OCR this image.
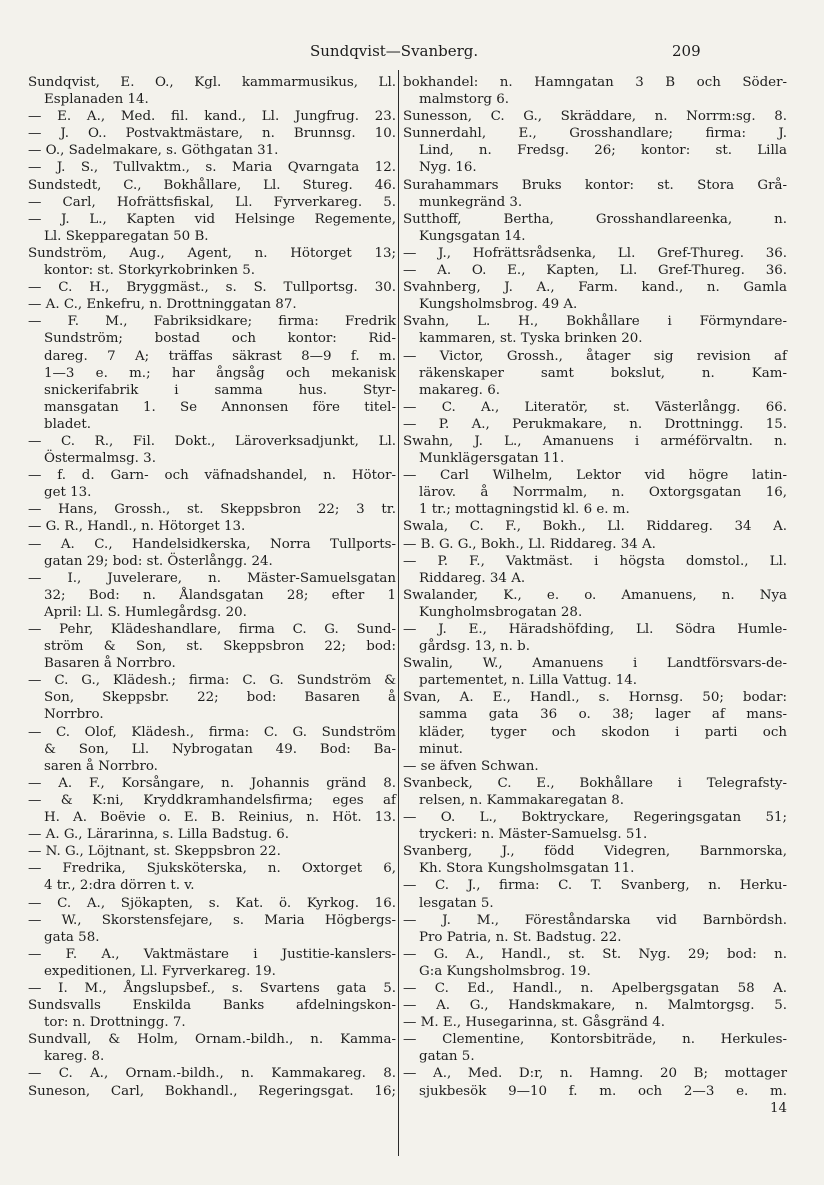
Sundqvist—Svanberg.	209
Sundqvist, E. O., Kgl. kammarmusikus, Ll.
Esplanaden 14.
— E. A., Med. fil. kand., Ll. Jungfrug. 23.
— J. O.. Postvaktmästare, n. Brunnsg. 10.
— O., Sadelmakare, s. Göthgatan 31.
— J. S., Tullvaktm., s. Maria Qvarngata 12.
Sundstedt, C., Bokhållare, Ll. Stureg. 46.
— Carl, Hofrättsfiskal, Ll. Fyrverkareg. 5.
— J. L., Kapten vid Helsinge Regemente,
Ll. Skepparegatan 50 B.
Sundström, Aug., Agent, n. Hötorget 13;
kontor: st. Storkyrkobrinken 5.
— C. H., Bryggmäst., s. S. Tullportsg. 30.
— A. C., Enkefru, n. Drottninggatan 87.
— F. M., Fabriksidkare; firma: Fredrik
Sundström; bostad och kontor: Rid-
dareg. 7 A; träffas säkrast 8—9 f. m.
1—3 e. m.; har ångsåg och mekanisk
snickerifabrik i samma hus. Styr-
mansgatan 1. Se Annonsen före titel-
bladet.
— C. R., Fil. Dokt., Läroverksadjunkt, Ll.
Östermalmsg. 3.
— f. d. Garn- och väfnadshandel, n. Hötor-
get 13.
— Hans, Grossh., st. Skeppsbron 22; 3 tr.
— G. R., Handl., n. Hötorget 13.
— A. C., Handelsidkerska, Norra Tullports-
gatan 29; bod: st. Österlångg. 24.
— I., Juvelerare, n. Mäster-Samuelsgatan
32; Bod: n. Ålandsgatan 28; efter 1
April: Ll. S. Humlegårdsg. 20.
— Pehr, Klädeshandlare, firma C. G. Sund-
ström & Son, st. Skeppsbron 22; bod:
Basaren å Norrbro.
— C. G., Klädesh.; firma: C. G. Sundström &
Son, Skeppsbr. 22; bod: Basaren å
Norrbro.
— C. Olof, Klädesh., firma: C. G. Sundström
& Son, Ll. Nybrogatan 49. Bod: Ba-
saren å Norrbro.
— A. F., Korsångare, n. Johannis gränd 8.
— & K:ni, Kryddkramhandelsfirma; eges af
H. A. Boëvie o. E. B. Reinius, n. Höt. 13.
— A. G., Lärarinna, s. Lilla Badstug. 6.
— N. G., Löjtnant, st. Skeppsbron 22.
— Fredrika, Sjuksköterska, n. Oxtorget 6,
4 tr., 2:dra dörren t. v.
— C. A., Sjökapten, s. Kat. ö. Kyrkog. 16.
— W., Skorstensfejare, s. Maria Högbergs-
gata 58.
— F. A., Vaktmästare i Justitie-kanslers-
expeditionen, Ll. Fyrverkareg. 19.
— I. M., Ångslupsbef., s. Svartens gata 5.
Sundsvalls Enskilda Banks afdelningskon-
tor: n. Drottningg. 7.
Sundvall, & Holm, Ornam.-bildh., n. Kamma-
kareg. 8.
— C. A., Ornam.-bildh., n. Kammakareg. 8.
Suneson, Carl, Bokhandl., Regeringsgat. 16;
bokhandel: n. Hamngatan 3 B och Söder-
malmstorg 6.
Sunesson, C. G., Skräddare, n. Norrm:sg. 8.
Sunnerdahl, E., Grosshandlare; firma: J.
Lind, n. Fredsg. 26; kontor: st. Lilla
Nyg. 16.
Surahammars Bruks kontor: st. Stora Grå-
munkegränd 3.
Sutthoff, Bertha, Grosshandlareenka, n.
Kungsgatan 14.
— J., Hofrättsrådsenka, Ll. Gref-Thureg. 36.
— A. O. E., Kapten, Ll. Gref-Thureg. 36.
Svahnberg, J. A., Farm. kand., n. Gamla
Kungsholmsbrog. 49 A.
Svahn, L. H., Bokhållare i Förmyndare-
kammaren, st. Tyska brinken 20.
— Victor, Grossh., åtager sig revision af
räkenskaper samt bokslut, n. Kam-
makareg. 6.
— C. A., Literatör, st. Västerlångg. 66.
— P. A., Perukmakare, n. Drottningg. 15.
Swahn, J. L., Amanuens i arméförvaltn. n.
Munklägersgatan 11.
— Carl Wilhelm, Lektor vid högre latin-
lärov. å Norrmalm, n. Oxtorgsgatan 16,
1 tr.; mottagningstid kl. 6 e. m.
Swala, C. F., Bokh., Ll. Riddareg. 34 A.
— B. G. G., Bokh., Ll. Riddareg. 34 A.
— P. F., Vaktmäst. i högsta domstol., Ll.
Riddareg. 34 A.
Swalander, K., e. o. Amanuens, n. Nya
Kungholmsbrogatan 28.
— J. E., Häradshöfding, Ll. Södra Humle-
gårdsg. 13, n. b.
Swalin, W., Amanuens i Landtförsvars-de-
partementet, n. Lilla Vattug. 14.
Svan, A. E., Handl., s. Hornsg. 50; bodar:
samma gata 36 o. 38; lager af mans-
kläder, tyger och skodon i parti och
minut.
— se äfven Schwan.
Svanbeck, C. E., Bokhållare i Telegrafsty-
relsen, n. Kammakaregatan 8.
— O. L., Boktryckare, Regeringsgatan 51;
tryckeri: n. Mäster-Samuelsg. 51.
Svanberg, J., född Videgren, Barnmorska,
Kh. Stora Kungsholmsgatan 11.
— C. J., firma: C. T. Svanberg, n. Herku-
lesgatan 5.
— J. M., Föreståndarska vid Barnbördsh.
Pro Patria, n. St. Badstug. 22.
— G. A., Handl., st. St. Nyg. 29; bod: n.
G:a Kungsholmsbrog. 19.
— C. Ed., Handl., n. Apelbergsgatan 58 A.
— A. G., Handskmakare, n. Malmtorgsg. 5.
— M. E., Husegarinna, st. Gåsgränd 4.
— Clementine, Kontorsbiträde, n. Herkules-
gatan 5.
— A., Med. D:r, n. Hamng. 20 B; mottager
sjukbesök 9—10 f. m. och 2—3 e. m.
14
